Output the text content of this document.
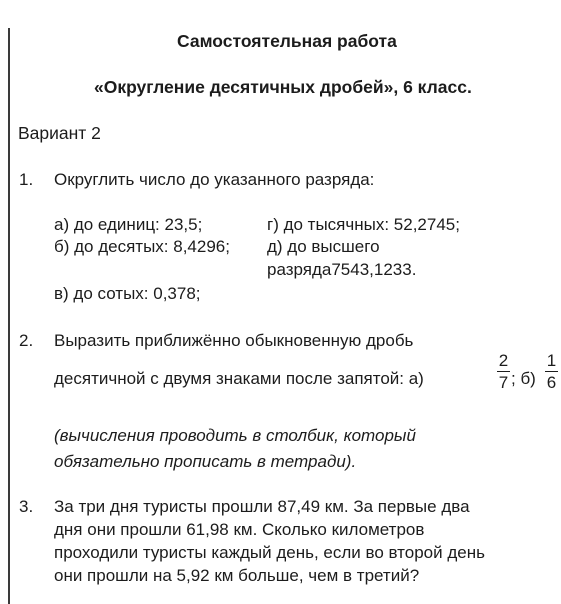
Самостоятельная работа
«Округление десятичных дробей», 6 класс.
Вариант 2
1. Округлить число до указанного разряда:
а) до единиц: 23,5;
б) до десятых: 8,4296;
г) до тысячных: 52,2745;
д) до высшего
разряда7543,1233.
в) до сотых: 0,378;
2. Выразить приближённо обыкновенную дробь
десятичной с двумя знаками после запятой: а)
2
7 ; б)
1
6
(вычисления проводить в столбик, который
обязательно прописать в тетради).
3. За три дня туристы прошли 87,49 км. За первые два
дня они прошли 61,98 км. Сколько километров
проходили туристы каждый день, если во второй день
они прошли на 5,92 км больше, чем в третий?
